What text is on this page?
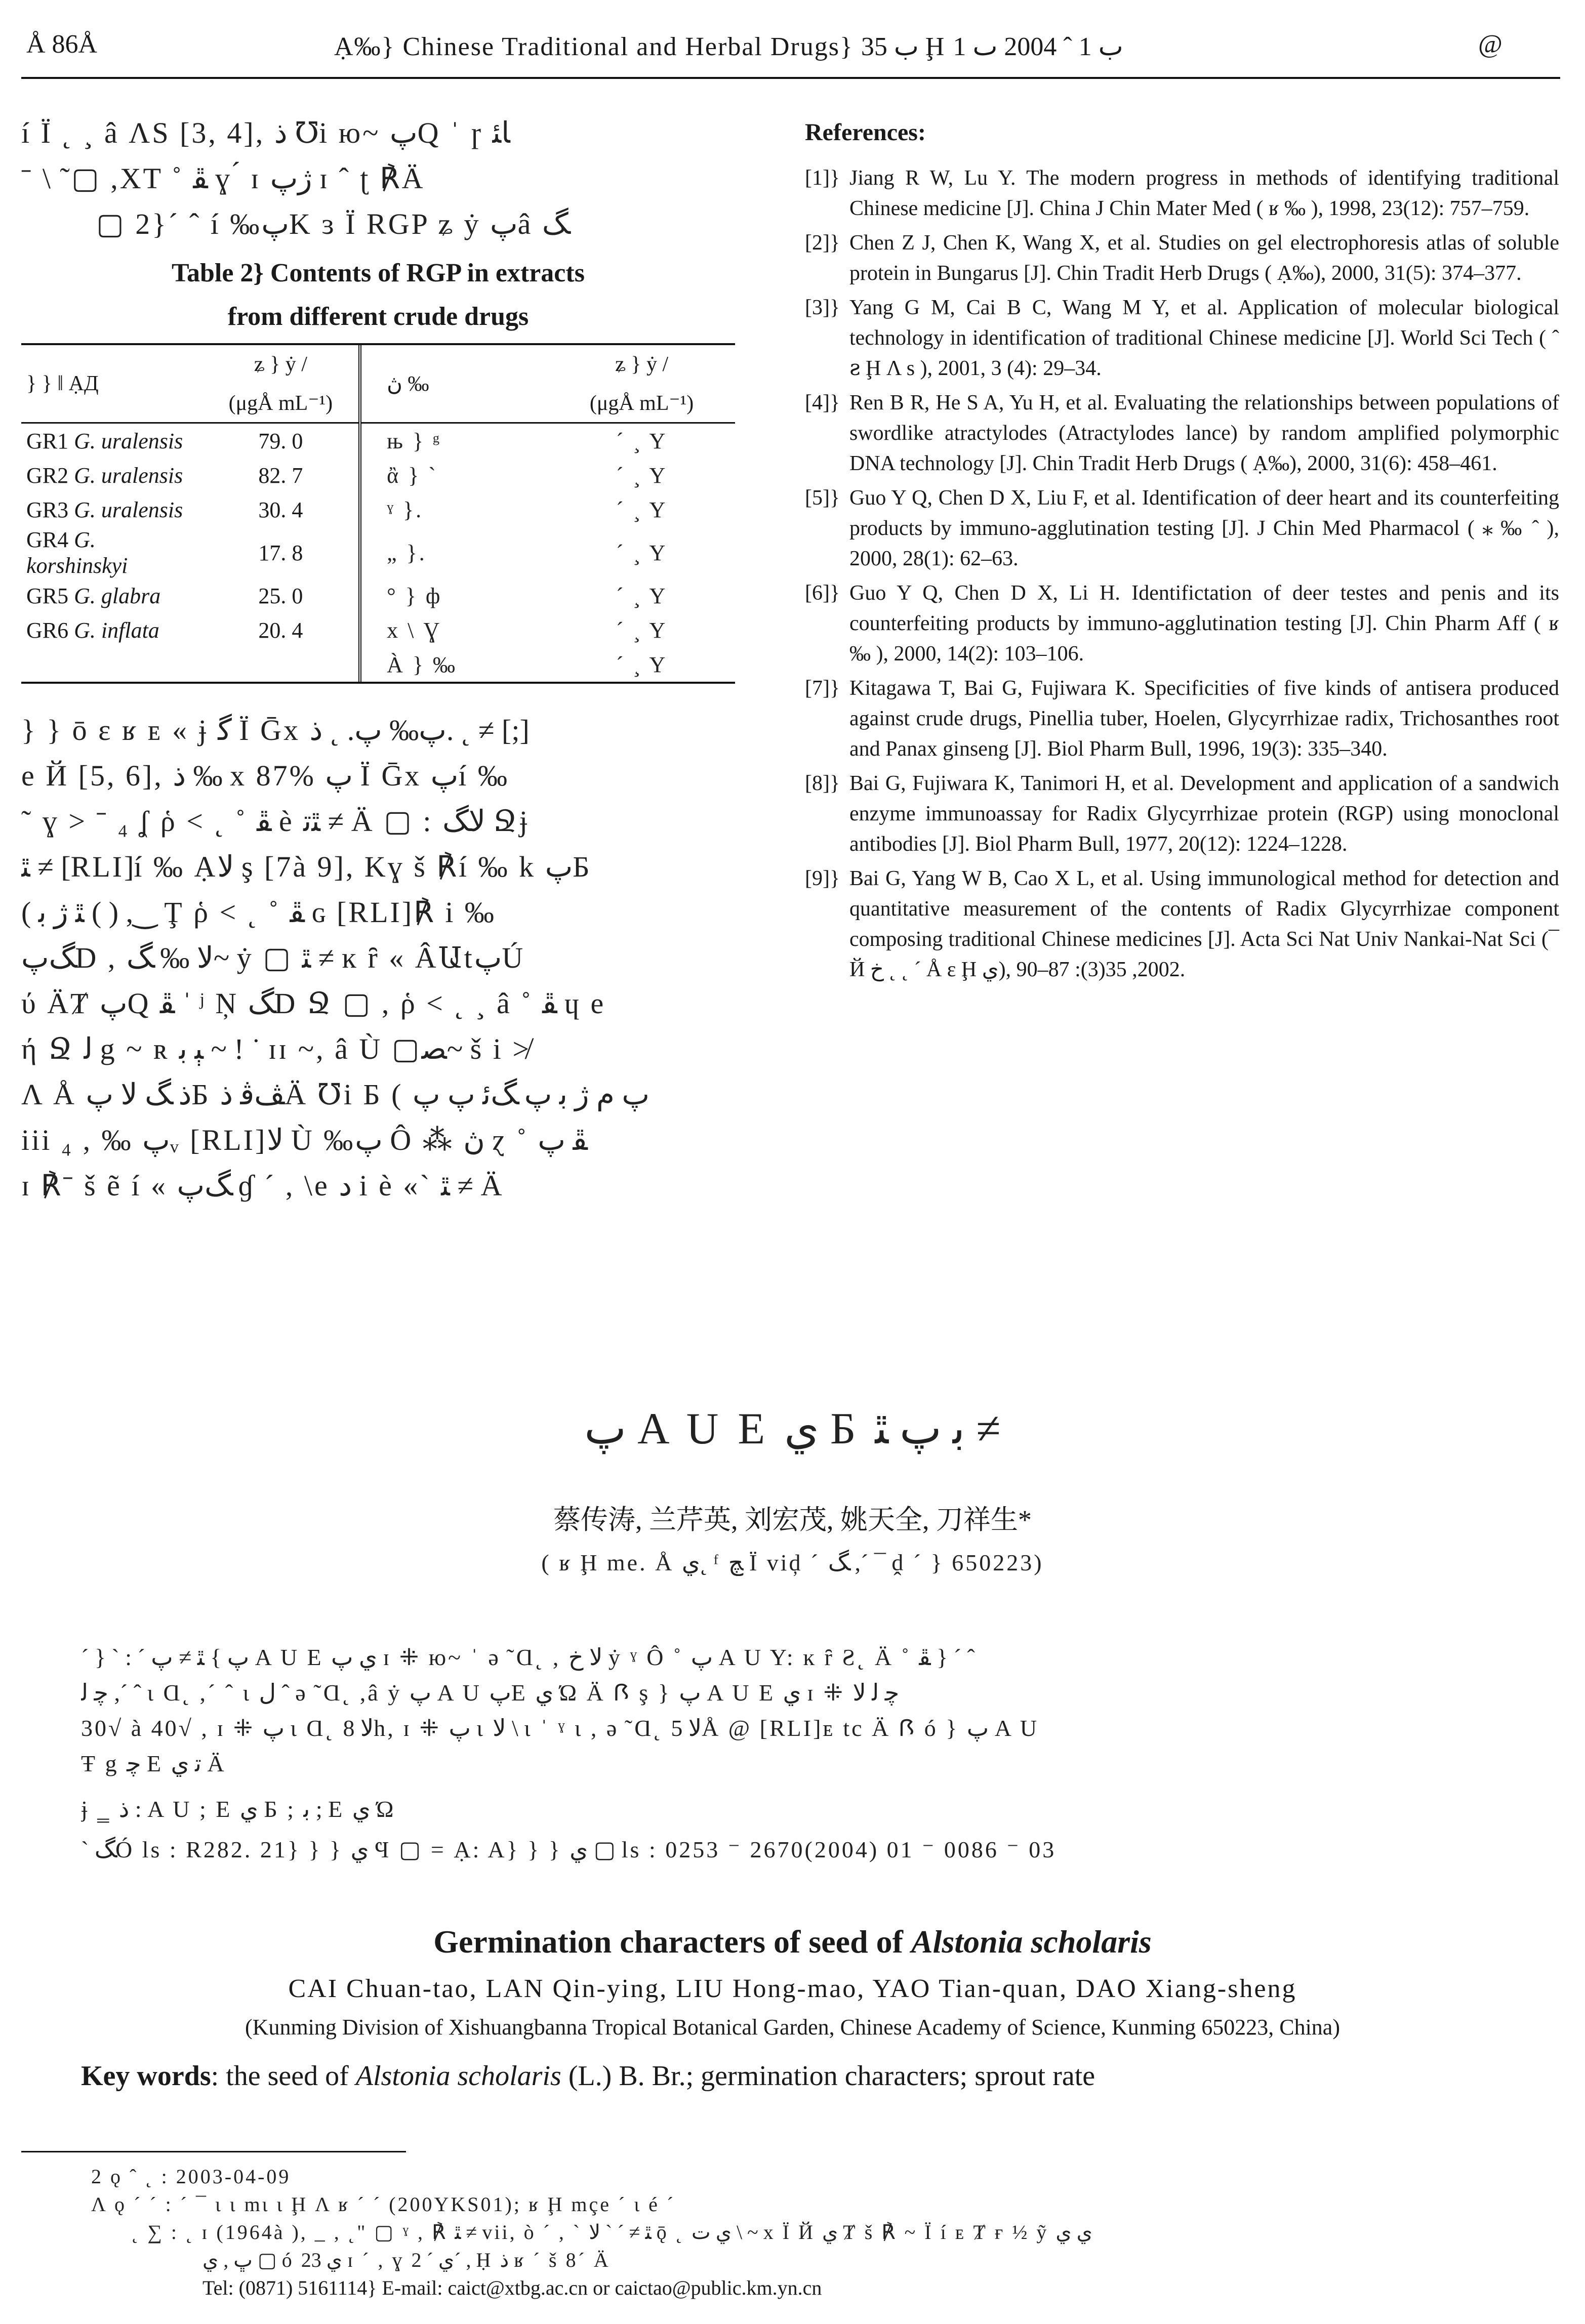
Å 86Å	Ạ‰} Chinese Traditional and Herbal Drugs} ب 35 Ḩ ب 1 ˆ 2004 ٮ 1	@
í Ϊ ˛ ¸ â ΛS [3, 4], ذ ℧i ю~ پQ ˈ ɼ ﺎﺌ
ˉ \ ̃ ▢ ,ΧΤ ˚ ﭱ ɣ ́ ɪ ژپ ɪ ˆ ʈ ℟Ä
▢ 2}ˊ ˆ í ‰پK ɜ Ϊ RGP ʑ ẏ پâ ﮓ
Table 2} Contents of RGP in extracts
from different crude drugs
} } ‖ ẠД	ʑ } ẏ /	ڽ ‰	ʑ } ẏ /
	(μgÅ mL⁻¹)		(μgÅ mL⁻¹)
GR1 G. uralensis	79. 0	њ } ᵍ	ˊ ¸ Y
GR2 G. uralensis	82. 7	ἂ } ˋ	ˊ ¸ Y
GR3 G. uralensis	30. 4	ˠ }.	ˊ ¸ Y
GR4 G. korshinskyi	17. 8	„ }.	ˊ ¸ Y
GR5 G. glabra	25. 0	° } ф	ˊ ¸ Y
GR6 G. inflata	20. 4	x \ Ɣ	ˊ ¸ Y
		À } ‰	ˊ ¸ Y
} } ō ɛ ʁ ᴇ « ɉ ﮔ Ϊ Ḡx پ‰ پ. ˛ ذ. ˛ ≠ [;]
e Й [5, 6], ذ ‰ x 87% پ Ϊ Ḡx پí ‰
˜ ɣ > ˉ ₄ ʆ ῥ ˂ ˛ ˚ ﭱ è ﭥﺗ ≠ Ä ▢ : ﻻﮓ Ջɉ
ﭥ ≠ [RLI]í ‰ Ạﻻ ş [7à 9], Kɣ š ℟í ‰ k پБ
( ﭥ ژ ﺑ ( ) ,‿ Ţ ῥ ˂ ˛ ˚ ﭱ ɢ [RLI]℟ i ‰
ﮓپD , ﻻ ‰ ﮓ~ ẏ ▢ ﭥ ≠ ĸ ȓ « ÂԱtپÚ
ύ ÄȾ پQ ﭱ ˈ ʲ Ņ ﮓD Ջ ▢ , ῥ ˂ ˛ ¸ â ˚ ﭱ ɥ e
ή Ջ ﻟ g ~ ʀ ﭕ ﺑ ~ ! ˙ ɪɪ ~, â Ù ▢ﺼ~ š i ≯
Λ Å ذ ﮓ ﻻ پБ ﭫﭬ ذÄ ℧i Б ( پ م ژ ﺑ پ ﮓﺋ پ پ
iii ₄ , ‰ پᵥ [RLI]ﻻ Ù ‰پ Ô ⁂ ڽ ɀ ˚ ﭱ پ
ɪ ℟ˉ š ẽ í « ﮓپ ɠ ˊ , \e ﺩ i è «ˋ ﭥ ≠ Ä
References:
[1]} Jiang R W, Lu Y. The modern progress in methods of identifying traditional Chinese medicine [J]. China J Chin Mater Med ( ʁ ‰ ), 1998, 23(12): 757–759.
[2]} Chen Z J, Chen K, Wang X, et al. Studies on gel electrophoresis atlas of soluble protein in Bungarus [J]. Chin Tradit Herb Drugs ( Ạ‰), 2000, 31(5): 374–377.
[3]} Yang G M, Cai B C, Wang M Y, et al. Application of molecular biological technology in identification of traditional Chinese medicine [J]. World Sci Tech ( ˆ ꙅ Ḩ Λ s ), 2001, 3 (4): 29–34.
[4]} Ren B R, He S A, Yu H, et al. Evaluating the relationships between populations of swordlike atractylodes (Atractylodes lance) by random amplified polymorphic DNA technology [J]. Chin Tradit Herb Drugs ( Ạ‰), 2000, 31(6): 458–461.
[5]} Guo Y Q, Chen D X, Liu F, et al. Identification of deer heart and its counterfeiting products by immuno-agglutination testing [J]. J Chin Med Pharmacol ( ⁎ ‰ ˆ ), 2000, 28(1): 62–63.
[6]} Guo Y Q, Chen D X, Li H. Identifictation of deer testes and penis and its counterfeiting products by immuno-agglutination testing [J]. Chin Pharm Aff ( ʁ ‰ ), 2000, 14(2): 103–106.
[7]} Kitagawa T, Bai G, Fujiwara K. Specificities of five kinds of antisera produced against crude drugs, Pinellia tuber, Hoelen, Glycyrrhizae radix, Trichosanthes root and Panax ginseng [J]. Biol Pharm Bull, 1996, 19(3): 335–340.
[8]} Bai G, Fujiwara K, Tanimori H, et al. Development and application of a sandwich enzyme immunoassay for Radix Glycyrrhizae protein (RGP) using monoclonal antibodies [J]. Biol Pharm Bull, 1977, 20(12): 1224–1228.
[9]} Bai G, Yang W B, Cao X L, et al. Using immunological method for detection and quantitative measurement of the contents of Radix Glycyrrhizae component composing traditional Chinese medicines [J]. Acta Sci Nat Univ Nankai-Nat Sci (¯ Й ﺥ ˛ ˛ ˊ Å ɛ Ḩ ي), 2002, 35(3): 87–90.
پ A U E ي Б ﺑ پ ﭥ ≠
蔡传涛, 兰芹英, 刘宏茂, 姚天全, 刀祥生*
( ʁ Ḩ me. Å ي˛ ᶠ ﭻ Ϊ viḑ ˊ ﮓ ,ˊ ¯ ḓ ˊ } 650223)
ˊ } ˋ : ˊ پ } ﭥ ≠ پ A U E ي پ ɪ ⁜ ю~ ˈ ə ̃ Ɑ˛ , ﻻ ﺥ ẏ ˠ Ô ˚ پ A U Y: ĸ ȓ Ƨ˛ Ä ˚ ﭱ } ˊ ˆ
ﭼ ﻟ ,ˊ ˆ ɩ Ɑ˛ ,ˊ ˆ ɩ ﻝ ˆ ə ̃ Ɑ˛ ,â ẏ پ A U پE ي Ώ Ä Ꟗ ş } پ A U E ي ɪ ⁜ ﭼ ﻟ ﻻ
30√ à 40√ , ɪ ⁜ پ ɩ Ɑ˛ ﻻ 8h, ɪ ⁜ پ ɩ ﻻ \ ɩ ˈ ˠ ɩ , ə ̃ Ɑ˛ ﻻ 5Å @ [RLI]ᴇ tc Ä Ꟗ ó } پ A U
Ŧ g ﭼ E ﺗ ي Ä
ɉ ‗ ذ : A U ; E ي Б ; ﺑ ; E ي Ώ
ˋ ﮓÓ ls : R282. 21} } } ي Ϥ ▢ = Ạ: A} } } ي ▢ ls : 0253 ⁻ 2670(2004) 01 ⁻ 0086 ⁻ 03
Germination characters of seed of Alstonia scholaris
CAI Chuan-tao, LAN Qin-ying, LIU Hong-mao, YAO Tian-quan, DAO Xiang-sheng
(Kunming Division of Xishuangbanna Tropical Botanical Garden, Chinese Academy of Science, Kunming 650223, China)
Key words: the seed of Alstonia scholaris (L.) B. Br.; germination characters; sprout rate
2 ǫ ˆ ˛ : 2003-04-09
Λ ǫ ˊ ˊ : ˊ ¯ ɩ ɩ mɩ ɩ Ḩ Λ ʁ ˊ ˊ (200YKS01); ʁ Ḩ mçe ˊ ɩ é ˊ
˛ ∑ : ˛ ɪ (1964à ), _ , ˛" ▢ ˠ , ℟ ﭥ ≠ vii, ò ˊ , ˋ ﭥ ≠ ˊ ˋ ﻻ ǭ ˛ ي ت \ ~ x Ϊ Й ي Ⱦ š ℟ ~ Ϊ í ᴇ Ⱦ ғ ½ ỹ ي ي
ﭚ , ي ▢ ó ي 23 ɪ ˊ , ɣ ي ˊ 2ˊ , Ḥ ﺫ ʁ ˊ š 8ˊ Ä
Tel: (0871) 5161114} E-mail: caict@xtbg.ac.cn or caictao@public.km.yn.cn
